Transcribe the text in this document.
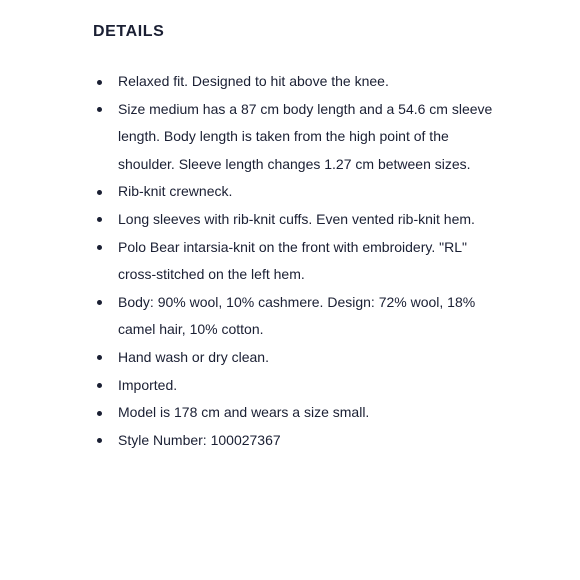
DETAILS
Relaxed fit. Designed to hit above the knee.
Size medium has a 87 cm body length and a 54.6 cm sleeve length. Body length is taken from the high point of the shoulder. Sleeve length changes 1.27 cm between sizes.
Rib-knit crewneck.
Long sleeves with rib-knit cuffs. Even vented rib-knit hem.
Polo Bear intarsia-knit on the front with embroidery. "RL" cross-stitched on the left hem.
Body: 90% wool, 10% cashmere. Design: 72% wool, 18% camel hair, 10% cotton.
Hand wash or dry clean.
Imported.
Model is 178 cm and wears a size small.
Style Number: 100027367
